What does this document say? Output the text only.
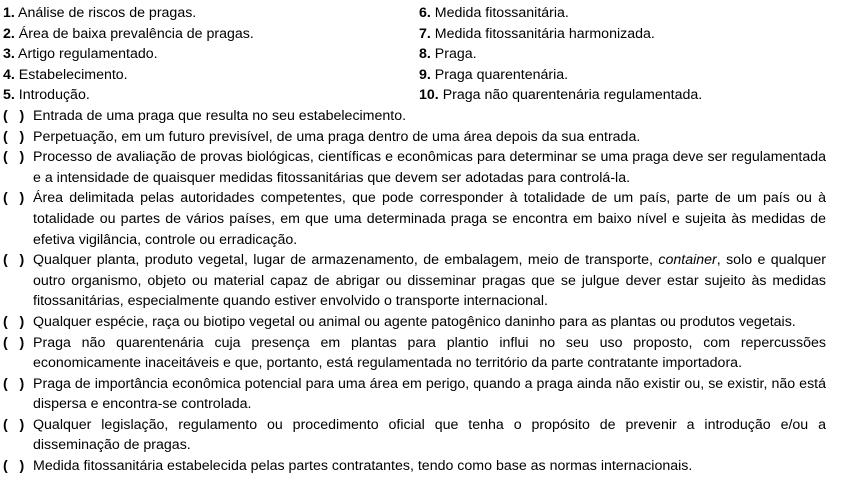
1. Análise de riscos de pragas.	6. Medida fitossanitária.
2. Área de baixa prevalência de pragas.	7. Medida fitossanitária harmonizada.
3. Artigo regulamentado.	8. Praga.
4. Estabelecimento.	9. Praga quarentenária.
5. Introdução.	10. Praga não quarentenária regulamentada.
(   ) Entrada de uma praga que resulta no seu estabelecimento.
(   ) Perpetuação, em um futuro previsível, de uma praga dentro de uma área depois da sua entrada.
(   ) Processo de avaliação de provas biológicas, científicas e econômicas para determinar se uma praga deve ser regulamentada e a intensidade de quaisquer medidas fitossanitárias que devem ser adotadas para controlá-la.
(   ) Área delimitada pelas autoridades competentes, que pode corresponder à totalidade de um país, parte de um país ou à totalidade ou partes de vários países, em que uma determinada praga se encontra em baixo nível e sujeita às medidas de efetiva vigilância, controle ou erradicação.
(   ) Qualquer planta, produto vegetal, lugar de armazenamento, de embalagem, meio de transporte, container, solo e qualquer outro organismo, objeto ou material capaz de abrigar ou disseminar pragas que se julgue dever estar sujeito às medidas fitossanitárias, especialmente quando estiver envolvido o transporte internacional.
(   ) Qualquer espécie, raça ou biotipo vegetal ou animal ou agente patogênico daninho para as plantas ou produtos vegetais.
(   ) Praga não quarentenária cuja presença em plantas para plantio influi no seu uso proposto, com repercussões economicamente inaceitáveis e que, portanto, está regulamentada no território da parte contratante importadora.
(   ) Praga de importância econômica potencial para uma área em perigo, quando a praga ainda não existir ou, se existir, não está dispersa e encontra-se controlada.
(   ) Qualquer legislação, regulamento ou procedimento oficial que tenha o propósito de prevenir a introdução e/ou a disseminação de pragas.
(   ) Medida fitossanitária estabelecida pelas partes contratantes, tendo como base as normas internacionais.
